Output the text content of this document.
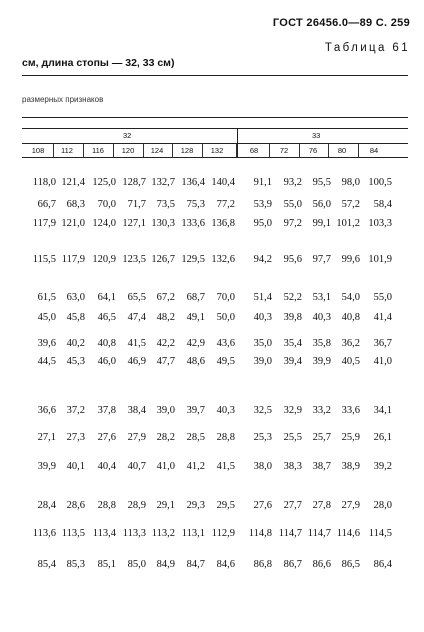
ГОСТ 26456.0—89 С. 259
Таблица 61
см, длина стопы — 32, 33 см)
размерных признаков
32	33
108	112	116	120	124	128	132	68	72	76	80	84
118,0 121,4 125,0 128,7 132,7 136,4 140,4	91,1	93,2	95,5	98,0 100,5
66,7	68,3	70,0	71,7	73,5	75,3	77,2	53,9	55,0	56,0	57,2	58,4
117,9 121,0 124,0 127,1 130,3 133,6 136,8	95,0	97,2	99,1 101,2 103,3
115,5 117,9 120,9 123,5 126,7 129,5 132,6	94,2	95,6	97,7	99,6 101,9
61,5	63,0	64,1	65,5	67,2	68,7	70,0	51,4	52,2	53,1	54,0	55,0
45,0	45,8	46,5	47,4	48,2	49,1	50,0	40,3	39,8	40,3	40,8	41,4
39,6	40,2	40,8	41,5	42,2	42,9	43,6	35,0	35,4	35,8	36,2	36,7
44,5	45,3	46,0	46,9	47,7	48,6	49,5	39,0	39,4	39,9	40,5	41,0
36,6	37,2	37,8	38,4	39,0	39,7	40,3	32,5	32,9	33,2	33,6	34,1
27,1	27,3	27,6	27,9	28,2	28,5	28,8	25,3	25,5	25,7	25,9	26,1
39,9	40,1	40,4	40,7	41,0	41,2	41,5	38,0	38,3	38,7	38,9	39,2
28,4	28,6	28,8	28,9	29,1	29,3	29,5	27,6	27,7	27,8	27,9	28,0
113,6 113,5 113,4 113,3 113,2 113,1 112,9	114,8 114,7 114,7 114,6 114,5
85,4	85,3	85,1	85,0	84,9	84,7	84,6	86,8	86,7	86,6	86,5	86,4
